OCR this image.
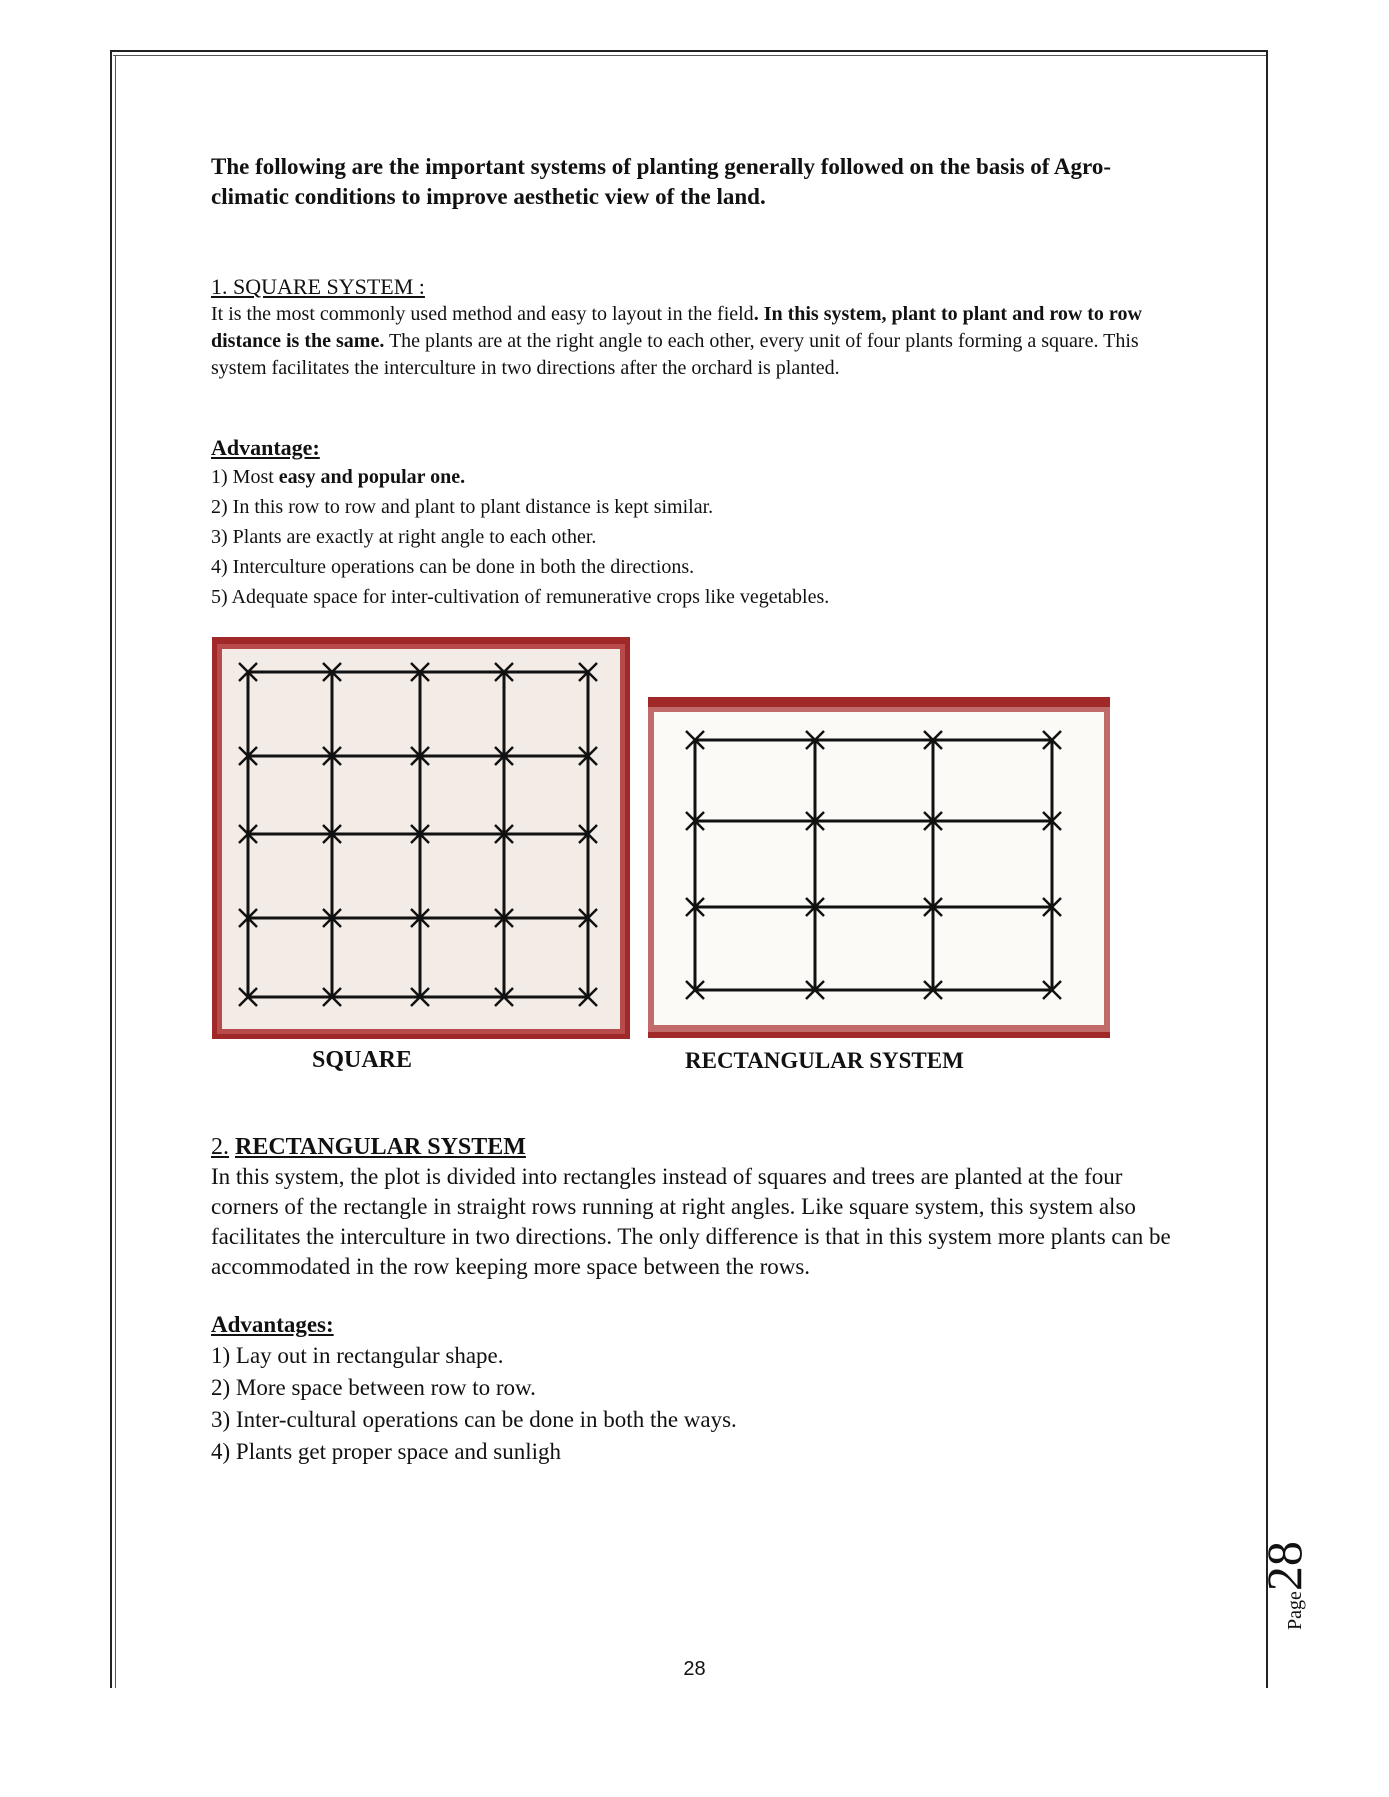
The following are the important systems of planting generally followed on the basis of Agro-climatic conditions to improve aesthetic view of the land.

1. SQUARE SYSTEM :

It is the most commonly used method and easy to layout in the field. In this system, plant to plant and row to row distance is the same. The plants are at the right angle to each other, every unit of four plants forming a square. This system facilitates the interculture in two directions after the orchard is planted.

Advantage:
1) Most easy and popular one.
2) In this row to row and plant to plant distance is kept similar.
3) Plants are exactly at right angle to each other.
4) Interculture operations can be done in both the directions.
5) Adequate space for inter-cultivation of remunerative crops like vegetables.
SQUARE	RECTANGULAR SYSTEM
2. RECTANGULAR SYSTEM

In this system, the plot is divided into rectangles instead of squares and trees are planted at the four corners of the rectangle in straight rows running at right angles. Like square system, this system also facilitates the interculture in two directions. The only difference is that in this system more plants can be accommodated in the row keeping more space between the rows.

Advantages:
1) Lay out in rectangular shape.
2) More space between row to row.
3) Inter-cultural operations can be done in both the ways.
4) Plants get proper space and sunligh
Page28
28
